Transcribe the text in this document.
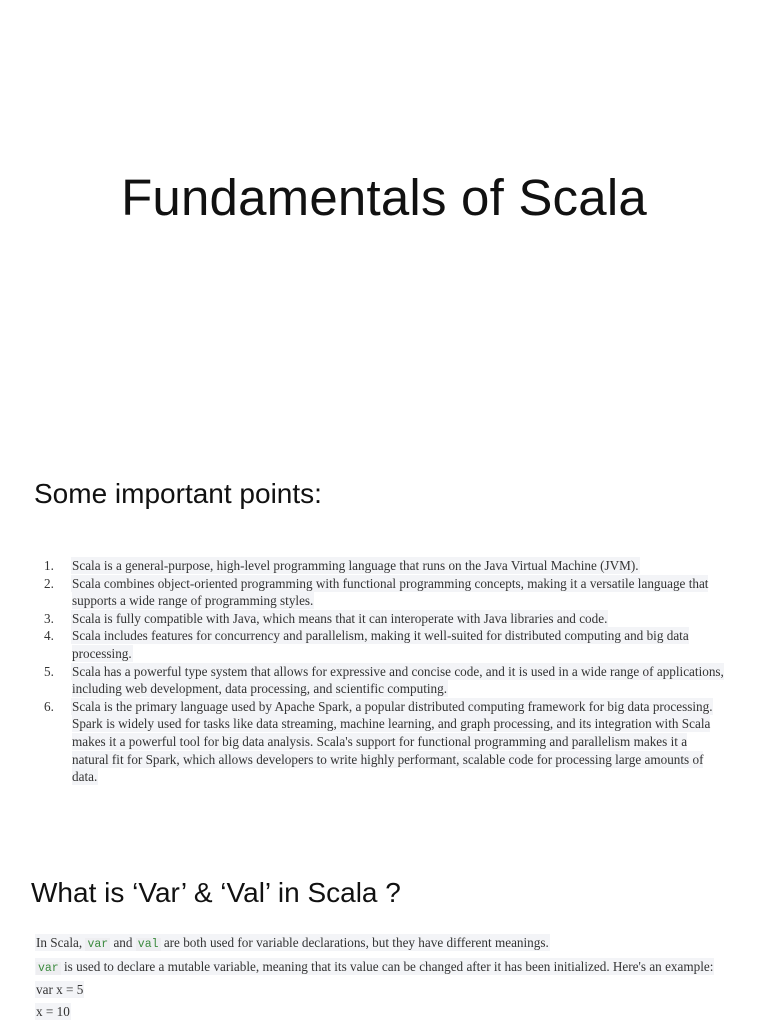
Fundamentals of Scala
Some important points:
1. Scala is a general-purpose, high-level programming language that runs on the Java Virtual Machine (JVM).
2. Scala combines object-oriented programming with functional programming concepts, making it a versatile language that supports a wide range of programming styles.
3. Scala is fully compatible with Java, which means that it can interoperate with Java libraries and code.
4. Scala includes features for concurrency and parallelism, making it well-suited for distributed computing and big data processing.
5. Scala has a powerful type system that allows for expressive and concise code, and it is used in a wide range of applications, including web development, data processing, and scientific computing.
6. Scala is the primary language used by Apache Spark, a popular distributed computing framework for big data processing. Spark is widely used for tasks like data streaming, machine learning, and graph processing, and its integration with Scala makes it a powerful tool for big data analysis. Scala's support for functional programming and parallelism makes it a natural fit for Spark, which allows developers to write highly performant, scalable code for processing large amounts of data.
What is ‘Var’ & ‘Val’ in Scala ?

In Scala, var and val are both used for variable declarations, but they have different meanings.

var is used to declare a mutable variable, meaning that its value can be changed after it has been initialized. Here's an example:

var x = 5

x = 10
